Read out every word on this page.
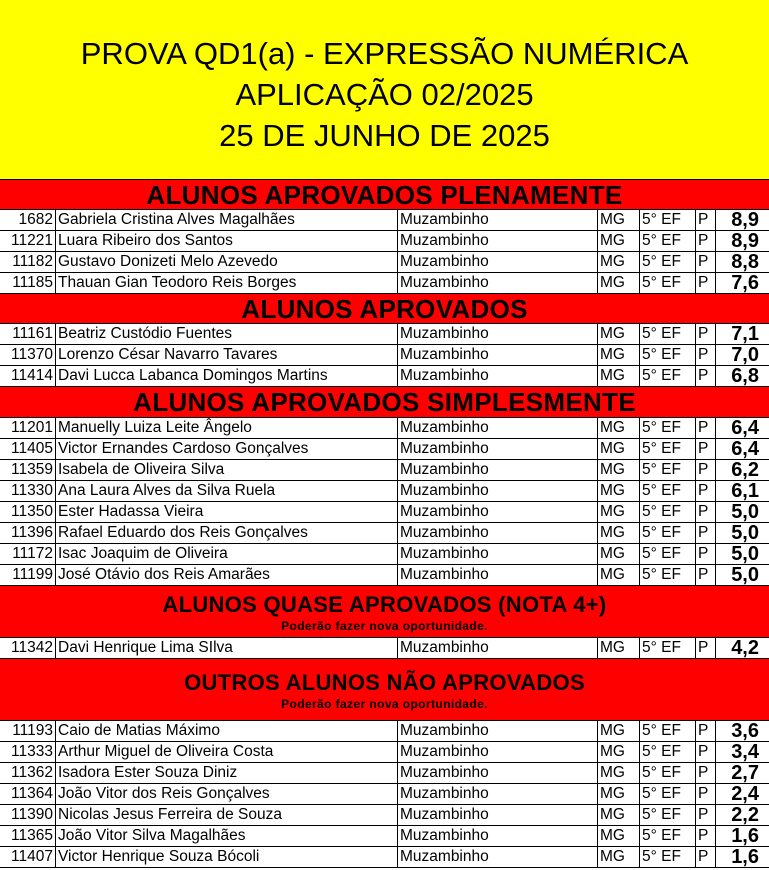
PROVA QD1(a) - EXPRESSÃO NUMÉRICA
APLICAÇÃO 02/2025
25 DE JUNHO DE 2025
ALUNOS APROVADOS PLENAMENTE
1682 Gabriela Cristina Alves Magalhães	Muzambinho	MG	5° EF	P	8,9
11221 Luara Ribeiro dos Santos	Muzambinho	MG	5° EF	P	8,9
11182 Gustavo Donizeti Melo Azevedo	Muzambinho	MG	5° EF	P	8,8
11185 Thauan Gian Teodoro Reis Borges	Muzambinho	MG	5° EF	P	7,6
ALUNOS APROVADOS
11161 Beatriz Custódio Fuentes	Muzambinho	MG	5° EF	P	7,1
11370 Lorenzo César Navarro Tavares	Muzambinho	MG	5° EF	P	7,0
11414 Davi Lucca Labanca Domingos Martins	Muzambinho	MG	5° EF	P	6,8
ALUNOS APROVADOS SIMPLESMENTE
11201 Manuelly Luiza Leite Ângelo	Muzambinho	MG	5° EF	P	6,4
11405 Victor Ernandes Cardoso Gonçalves	Muzambinho	MG	5° EF	P	6,4
11359 Isabela de Oliveira Silva	Muzambinho	MG	5° EF	P	6,2
11330 Ana Laura Alves da Silva Ruela	Muzambinho	MG	5° EF	P	6,1
11350 Ester Hadassa Vieira	Muzambinho	MG	5° EF	P	5,0
11396 Rafael Eduardo dos Reis Gonçalves	Muzambinho	MG	5° EF	P	5,0
11172 Isac Joaquim de Oliveira	Muzambinho	MG	5° EF	P	5,0
11199 José Otávio dos Reis Amarães	Muzambinho	MG	5° EF	P	5,0
ALUNOS QUASE APROVADOS (NOTA 4+)
Poderão fazer nova oportunidade.
11342 Davi Henrique Lima SIlva	Muzambinho	MG	5° EF	P	4,2
OUTROS ALUNOS NÃO APROVADOS
Poderão fazer nova oportunidade.
11193 Caio de Matias Máximo	Muzambinho	MG	5° EF	P	3,6
11333 Arthur Miguel de Oliveira Costa	Muzambinho	MG	5° EF	P	3,4
11362 Isadora Ester Souza Diniz	Muzambinho	MG	5° EF	P	2,7
11364 João Vitor dos Reis Gonçalves	Muzambinho	MG	5° EF	P	2,4
11390 Nicolas Jesus Ferreira de Souza	Muzambinho	MG	5° EF	P	2,2
11365 João Vitor Silva Magalhães	Muzambinho	MG	5° EF	P	1,6
11407 Victor Henrique Souza Bócoli	Muzambinho	MG	5° EF	P	1,6
